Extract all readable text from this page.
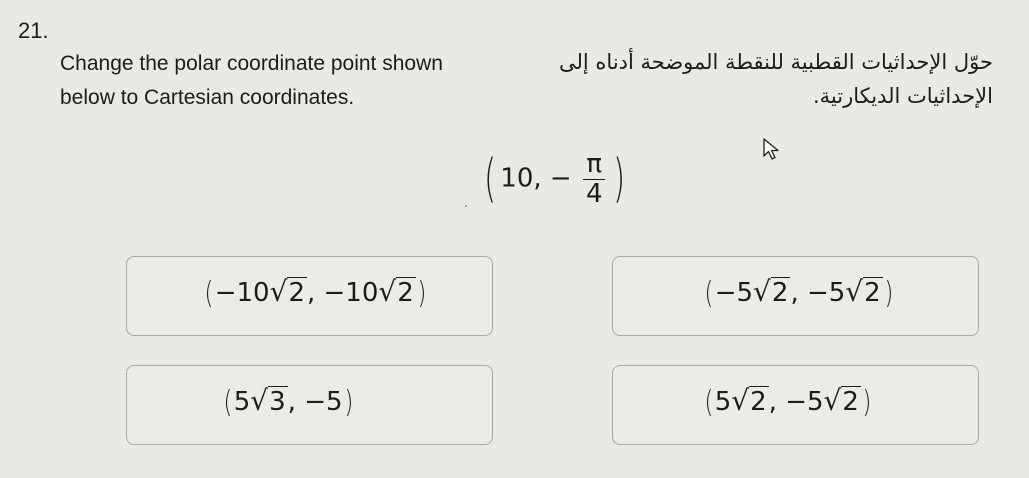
21.
Change the polar coordinate point shown
below to Cartesian coordinates.
حوّل الإحداثيات القطبية للنقطة الموضحة أدناه إلى
الإحداثيات الديكارتية.
( 10, − $\frac{\pi}{4}$ )
(−10√2, −10√2 )	(−5√2, −5√2 )
(5√3, −5)	(5√2, −5√2 )
